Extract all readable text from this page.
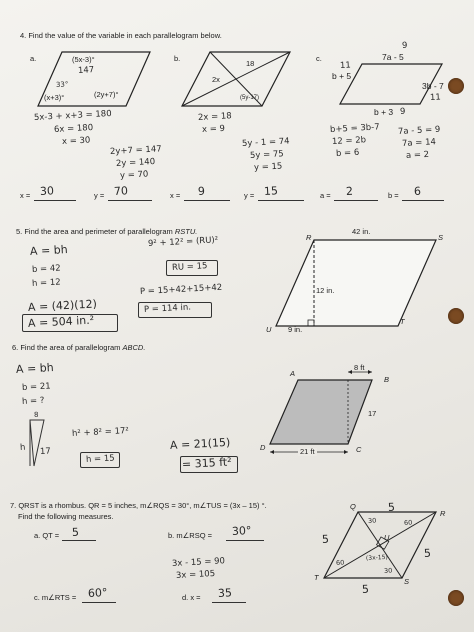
4. Find the value of the variable in each parallelogram below.
a.	(5x-3)°
(x+3)°	(2y+7)°
147
33°
5x-3 + x+3 = 180
6x = 180
x = 30
2y+7 = 147
2y = 140
y = 70
x = 30	y = 70
b.
18
2x
(5y-17)
2x = 18
x = 9
5y - 1 = 74
5y = 75
y = 15
x = 9	y = 15
c.	7a - 5
b + 5
3b - 7
b + 3
9
11
11
9
b+5 = 3b-7
12 = 2b
b = 6
7a - 5 = 9
7a = 14
a = 2
a = 2	b = 6
5. Find the area and perimeter of parallelogram RSTU.
R	S
T
U
42 in.
12 in.
9 in.
A = bh
b = 42
h = 12
A = (42)(12)
A = 504 in.²
9² + 12² = (RU)²
RU = 15
P = 15+42+15+42
P = 114 in.
6. Find the area of parallelogram ABCD.
A
B
C
D
8 ft
17
21 ft
A = bh
b = 21
h = ?
8
h 17
h² + 8² = 17²
h = 15
A = 21(15)
= 315 ft²
7. QRST is a rhombus. QR = 5 inches, m∠RQS = 30°, m∠TUS = (3x – 15) °.
Find the following measures.
Q
R
S
T
U
5
5
5
5
30	60
60
30
(3x-15)
a. QT = 5	b. m∠RSQ = 30°
3x - 15 = 90
3x = 105
c. m∠RTS = 60°	d. x = 35
